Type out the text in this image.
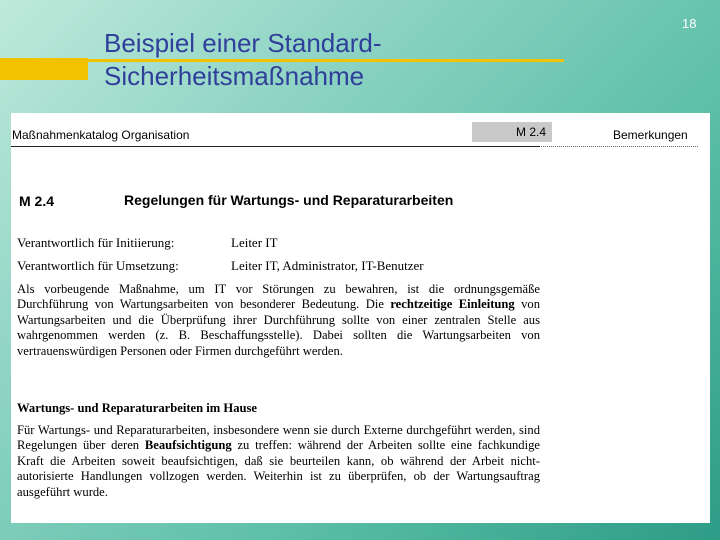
18
Beispiel einer Standard-Sicherheitsmaßnahme
Maßnahmenkatalog Organisation	M 2.4	Bemerkungen
M 2.4	Regelungen für Wartungs- und Reparaturarbeiten
Verantwortlich für Initiierung:	Leiter IT
Verantwortlich für Umsetzung:	Leiter IT, Administrator, IT-Benutzer

Als vorbeugende Maßnahme, um IT vor Störungen zu bewahren, ist die ordnungsgemäße Durchführung von Wartungsarbeiten von besonderer Bedeutung. Die rechtzeitige Einleitung von Wartungsarbeiten und die Überprüfung ihrer Durchführung sollte von einer zentralen Stelle aus wahrgenommen werden (z. B. Beschaffungsstelle). Dabei sollten die Wartungsarbeiten von vertrauenswürdigen Personen oder Firmen durchgeführt werden.

Wartungs- und Reparaturarbeiten im Hause

Für Wartungs- und Reparaturarbeiten, insbesondere wenn sie durch Externe durchgeführt werden, sind Regelungen über deren Beaufsichtigung zu treffen: während der Arbeiten sollte eine fachkundige Kraft die Arbeiten soweit beaufsichtigen, daß sie beurteilen kann, ob während der Arbeit nicht-autorisierte Handlungen vollzogen werden. Weiterhin ist zu überprüfen, ob der Wartungsauftrag ausgeführt wurde.
